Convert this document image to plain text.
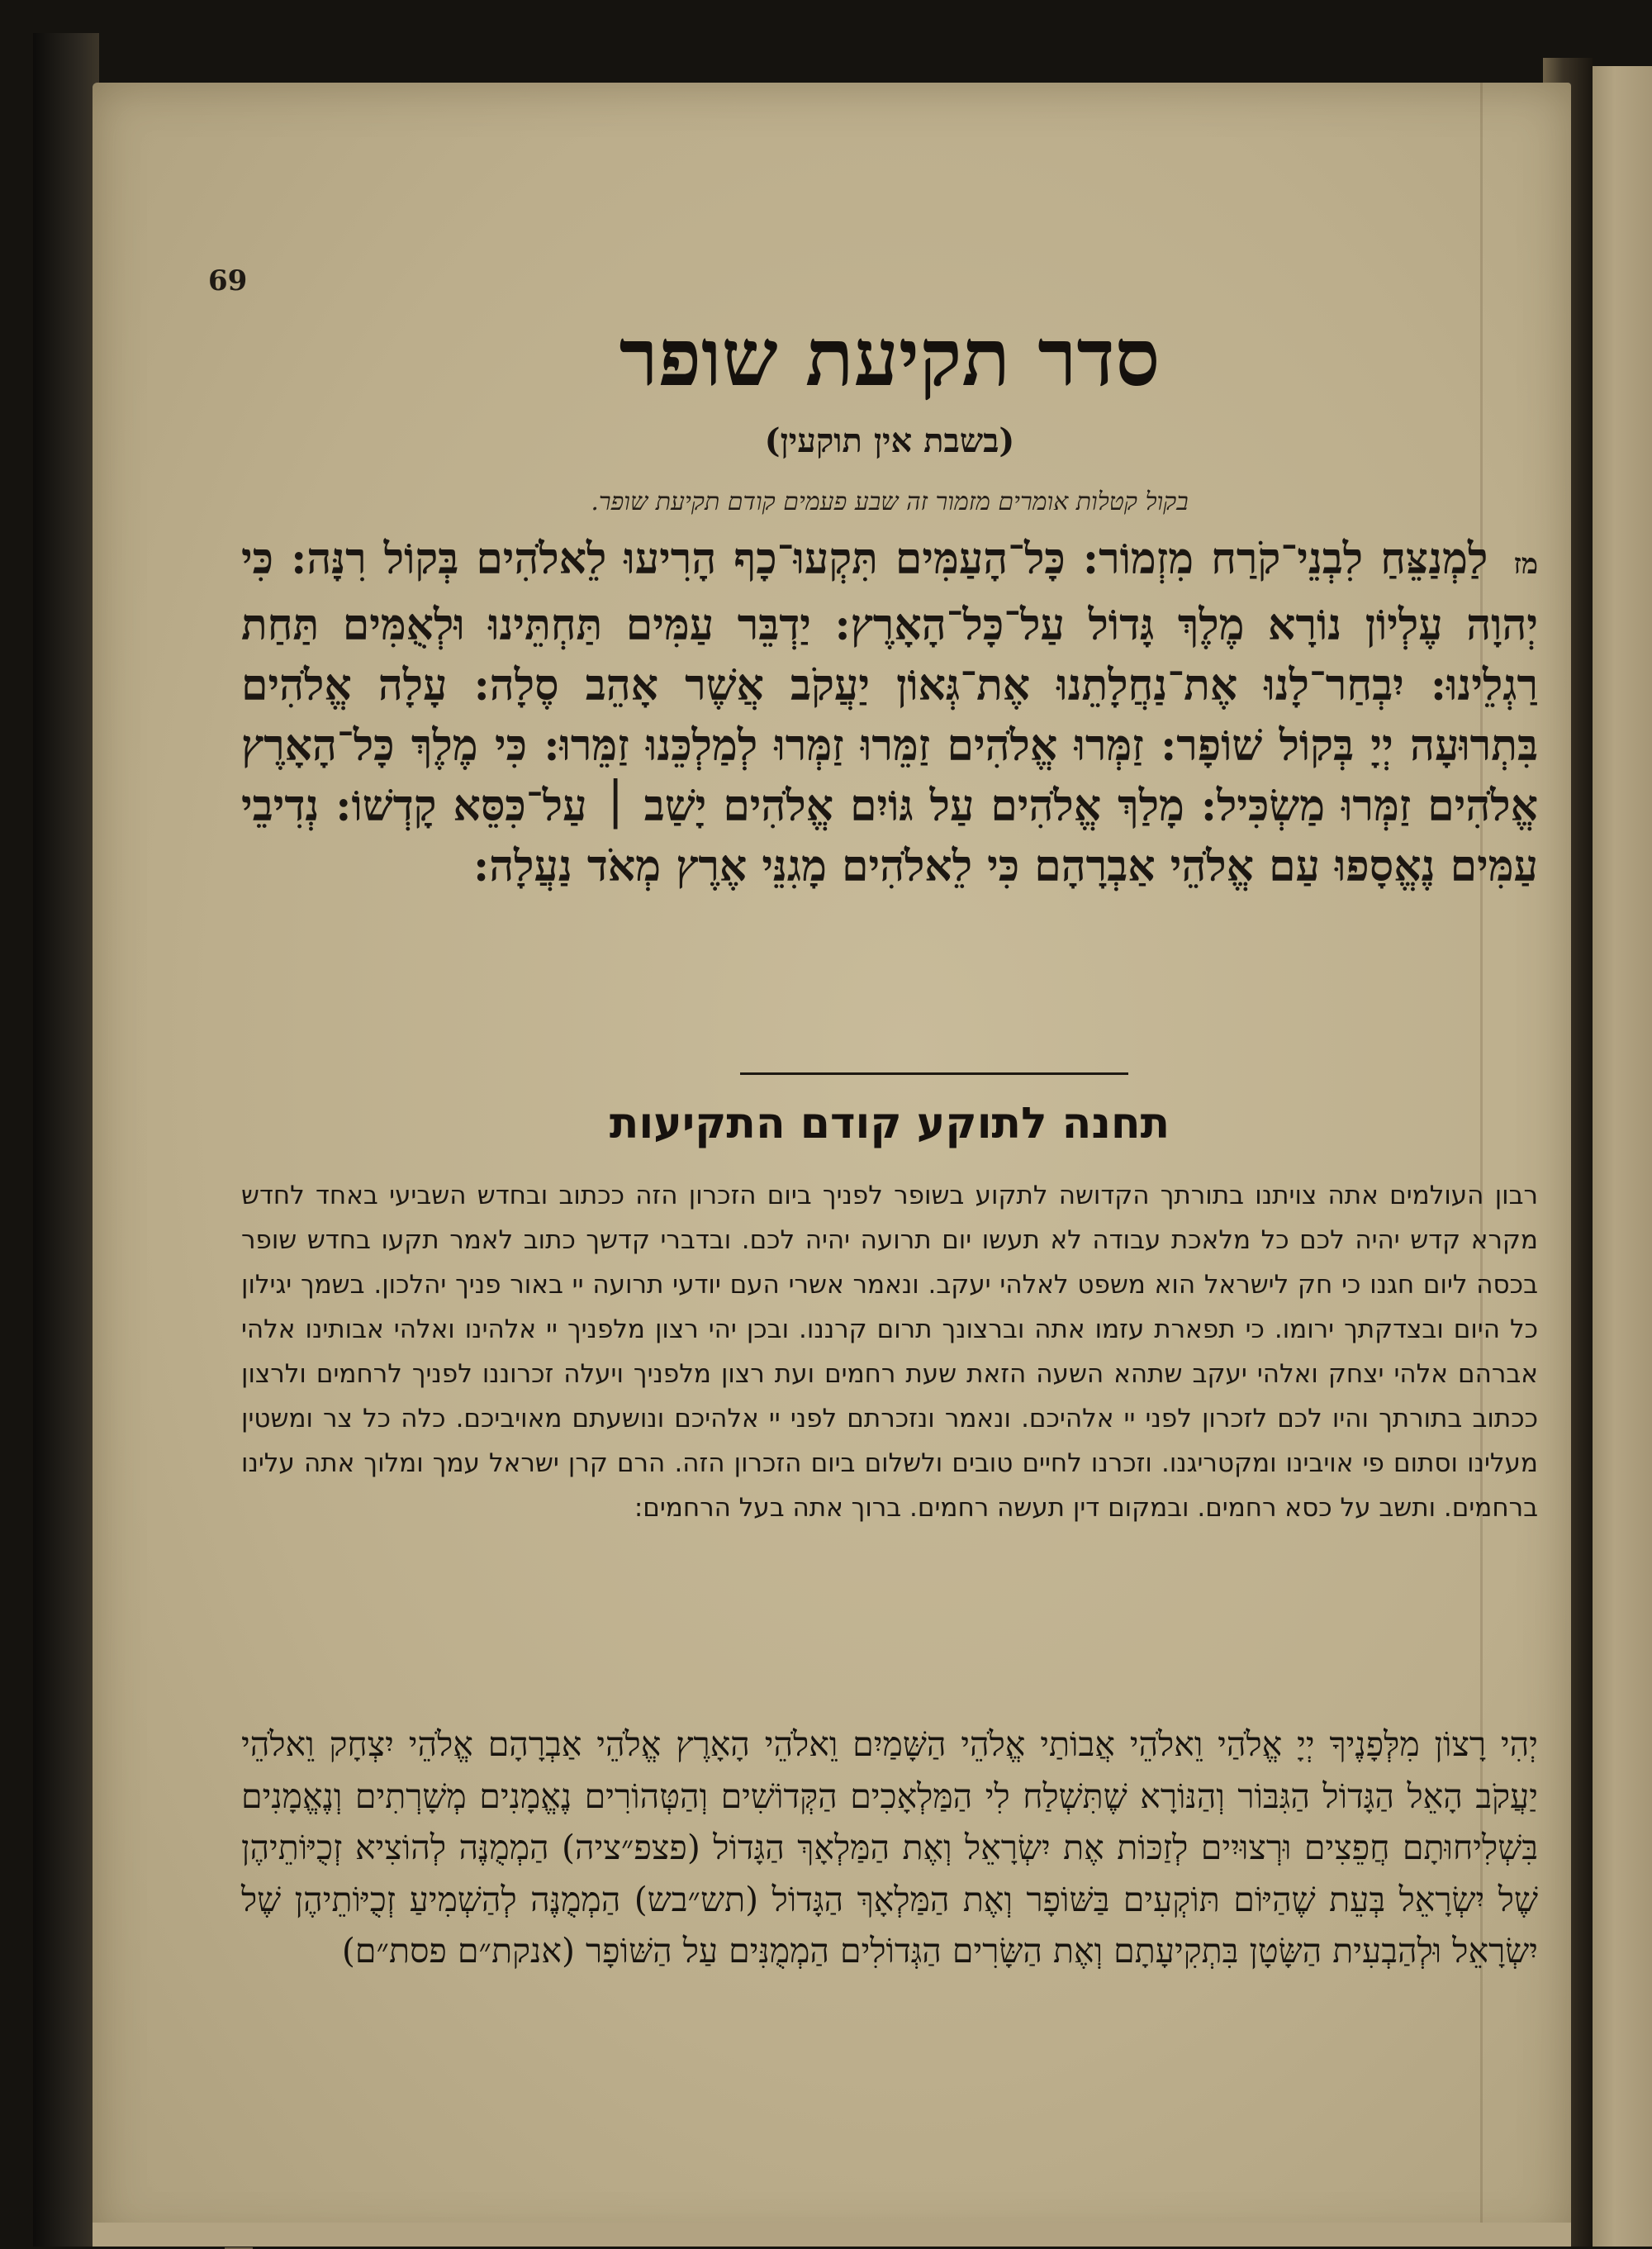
69
סדר תקיעת שופר
(בשבת אין תוקעין)
בקול קטלות אומרים מזמור זה שבע פעמים קודם תקיעת שופר.
מז לַמְנַצֵּחַ לִבְנֵי־קֹרַח מִזְמוֹר: כָּל־הָעַמִּים תִּקְעוּ־כָף הָרִיעוּ לֵאלֹהִים בְּקוֹל רִנָּה: כִּי יְהוָה עֶלְיוֹן נוֹרָא מֶלֶךְ גָּדוֹל עַל־כָּל־הָאָרֶץ: יַדְבֵּר עַמִּים תַּחְתֵּינוּ וּלְאֻמִּים תַּחַת רַגְלֵינוּ: יִבְחַר־לָנוּ אֶת־נַחֲלָתֵנוּ אֶת־גְּאוֹן יַעֲקֹב אֲשֶׁר אָהֵב סֶלָה: עָלָה אֱלֹהִים בִּתְרוּעָה יְיָ בְּקוֹל שׁוֹפָר: זַמְּרוּ אֱלֹהִים זַמֵּרוּ זַמְּרוּ לְמַלְכֵּנוּ זַמֵּרוּ: כִּי מֶלֶךְ כָּל־הָאָרֶץ אֱלֹהִים זַמְּרוּ מַשְׂכִּיל: מָלַךְ אֱלֹהִים עַל גּוֹיִם אֱלֹהִים יָשַׁב ׀ עַל־כִּסֵּא קָדְשׁוֹ: נְדִיבֵי עַמִּים נֶאֱסָפוּ עַם אֱלֹהֵי אַבְרָהָם כִּי לֵאלֹהִים מָגִנֵּי אֶרֶץ מְאֹד נַעֲלָה:
תחנה לתוקע קודם התקיעות
רבון העולמים אתה צויתנו בתורתך הקדושה לתקוע בשופר לפניך ביום הזכרון הזה ככתוב ובחדש השביעי באחד לחדש מקרא קדש יהיה לכם כל מלאכת עבודה לא תעשו יום תרועה יהיה לכם. ובדברי קדשך כתוב לאמר תקעו בחדש שופר בכסה ליום חגנו כי חק לישראל הוא משפט לאלהי יעקב. ונאמר אשרי העם יודעי תרועה יי באור פניך יהלכון. בשמך יגילון כל היום ובצדקתך ירומו. כי תפארת עזמו אתה וברצונך תרום קרננו. ובכן יהי רצון מלפניך יי אלהינו ואלהי אבותינו אלהי אברהם אלהי יצחק ואלהי יעקב שתהא השעה הזאת שעת רחמים ועת רצון מלפניך ויעלה זכרוננו לפניך לרחמים ולרצון ככתוב בתורתך והיו לכם לזכרון לפני יי אלהיכם. ונאמר ונזכרתם לפני יי אלהיכם ונושעתם מאויביכם. כלה כל צר ומשטין מעלינו וסתום פי אויבינו ומקטריגנו. וזכרנו לחיים טובים ולשלום ביום הזכרון הזה. הרם קרן ישראל עמך ומלוך אתה עלינו ברחמים. ותשב על כסא רחמים. ובמקום דין תעשה רחמים. ברוך אתה בעל הרחמים:
יְהִי רָצוֹן מִלְּפָנֶיךָ יְיָ אֱלֹהַי וֵאלֹהֵי אֲבוֹתַי אֱלֹהֵי הַשָּׁמַיִם וֵאלֹהֵי הָאָרֶץ אֱלֹהֵי אַבְרָהָם אֱלֹהֵי יִצְחָק וֵאלֹהֵי יַעֲקֹב הָאֵל הַגָּדוֹל הַגִּבּוֹר וְהַנּוֹרָא שֶׁתִּשְׁלַח לִי הַמַּלְאָכִים הַקְּדוֹשִׁים וְהַטְּהוֹרִים נֶאֱמָנִים מְשָׁרְתִים וְנֶאֱמָנִים בִּשְׁלִיחוּתָם חֲפֵצִים וּרְצוּיִים לְזַכּוֹת אֶת יִשְׂרָאֵל וְאֶת הַמַּלְאָךְ הַגָּדוֹל (פצפ״ציה) הַמְמֻנֶּה לְהוֹצִיא זְכֻיּוֹתֵיהֶן שֶׁל יִשְׂרָאֵל בְּעֵת שֶׁהַיּוֹם תּוֹקְעִים בַּשּׁוֹפָר וְאֶת הַמַּלְאָךְ הַגָּדוֹל (תש״בש) הַמְמֻנֶּה לְהַשְׁמִיעַ זְכֻיּוֹתֵיהֶן שֶׁל יִשְׂרָאֵל וּלְהַבְעִית הַשָּׂטָן בִּתְקִיעָתָם וְאֶת הַשָּׂרִים הַגְּדוֹלִים הַמְמֻנִּים עַל הַשּׁוֹפָר (אנקת״ם פסת״ם)
